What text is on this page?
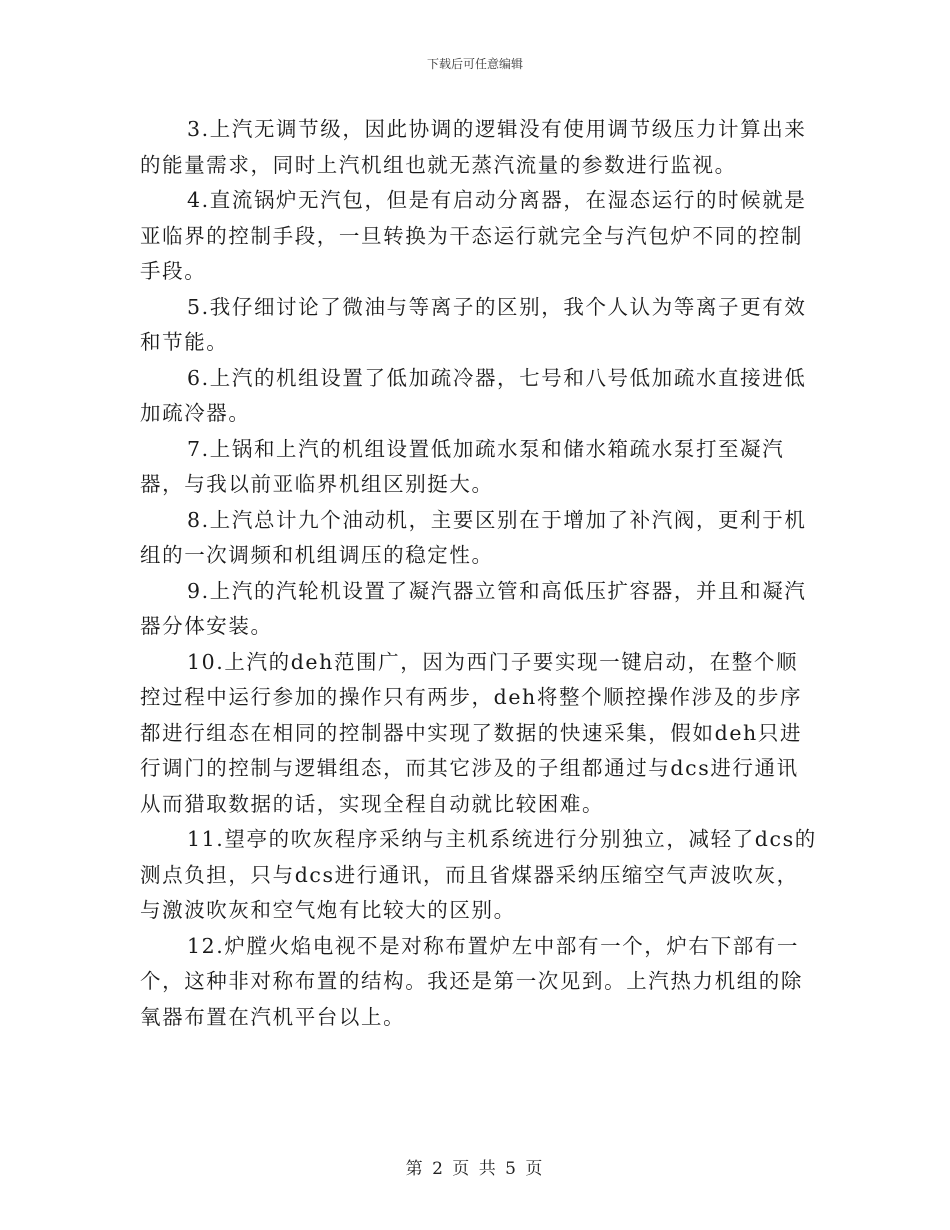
下载后可任意编辑

3.上汽无调节级，因此协调的逻辑没有使用调节级压力计算出来的能量需求，同时上汽机组也就无蒸汽流量的参数进行监视。

4.直流锅炉无汽包，但是有启动分离器，在湿态运行的时候就是亚临界的控制手段，一旦转换为干态运行就完全与汽包炉不同的控制手段。

5.我仔细讨论了微油与等离子的区别，我个人认为等离子更有效和节能。

6.上汽的机组设置了低加疏冷器，七号和八号低加疏水直接进低加疏冷器。

7.上锅和上汽的机组设置低加疏水泵和储水箱疏水泵打至凝汽器，与我以前亚临界机组区别挺大。

8.上汽总计九个油动机，主要区别在于增加了补汽阀，更利于机组的一次调频和机组调压的稳定性。

9.上汽的汽轮机设置了凝汽器立管和高低压扩容器，并且和凝汽器分体安装。

10.上汽的deh范围广，因为西门子要实现一键启动，在整个顺控过程中运行参加的操作只有两步，deh将整个顺控操作涉及的步序都进行组态在相同的控制器中实现了数据的快速采集，假如deh只进行调门的控制与逻辑组态，而其它涉及的子组都通过与dcs进行通讯从而猎取数据的话，实现全程自动就比较困难。

11.望亭的吹灰程序采纳与主机系统进行分别独立，减轻了dcs的测点负担，只与dcs进行通讯，而且省煤器采纳压缩空气声波吹灰，与激波吹灰和空气炮有比较大的区别。

12.炉膛火焰电视不是对称布置炉左中部有一个，炉右下部有一个，这种非对称布置的结构。我还是第一次见到。上汽热力机组的除氧器布置在汽机平台以上。

第 2 页 共 5 页
